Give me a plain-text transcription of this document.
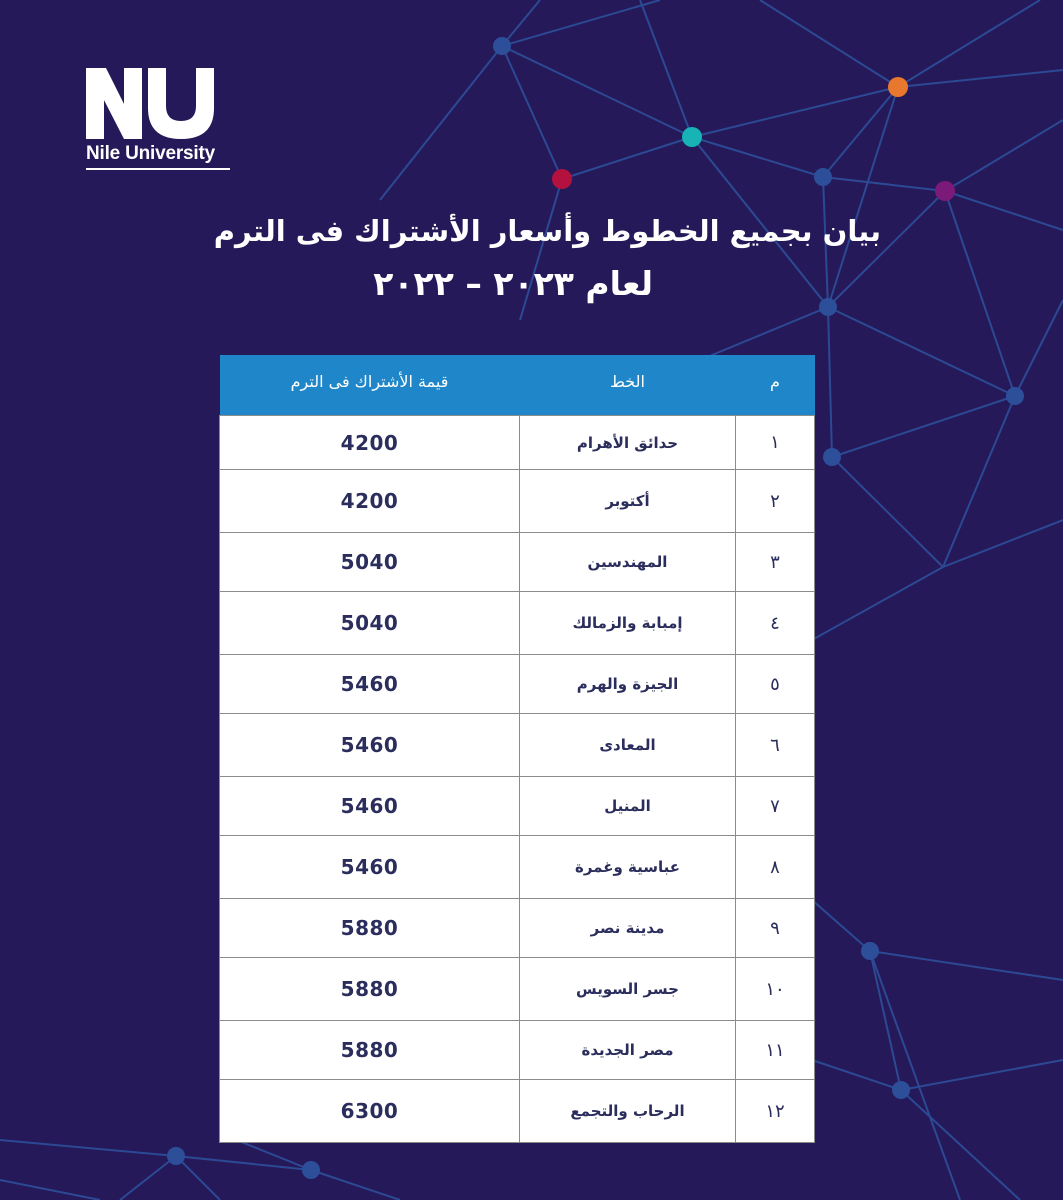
Nile University
بيان بجميع الخطوط وأسعار الأشتراك فى الترم
لعام ٢٠٢٣ – ٢٠٢٢
م	الخط	قيمة الأشتراك فى الترم
١	حدائق الأهرام	4200
٢	أكتوبر	4200
٣	المهندسين	5040
٤	إمبابة والزمالك	5040
٥	الجيزة والهرم	5460
٦	المعادى	5460
٧	المنيل	5460
٨	عباسية وغمرة	5460
٩	مدينة نصر	5880
١٠	جسر السويس	5880
١١	مصر الجديدة	5880
١٢	الرحاب والتجمع	6300
